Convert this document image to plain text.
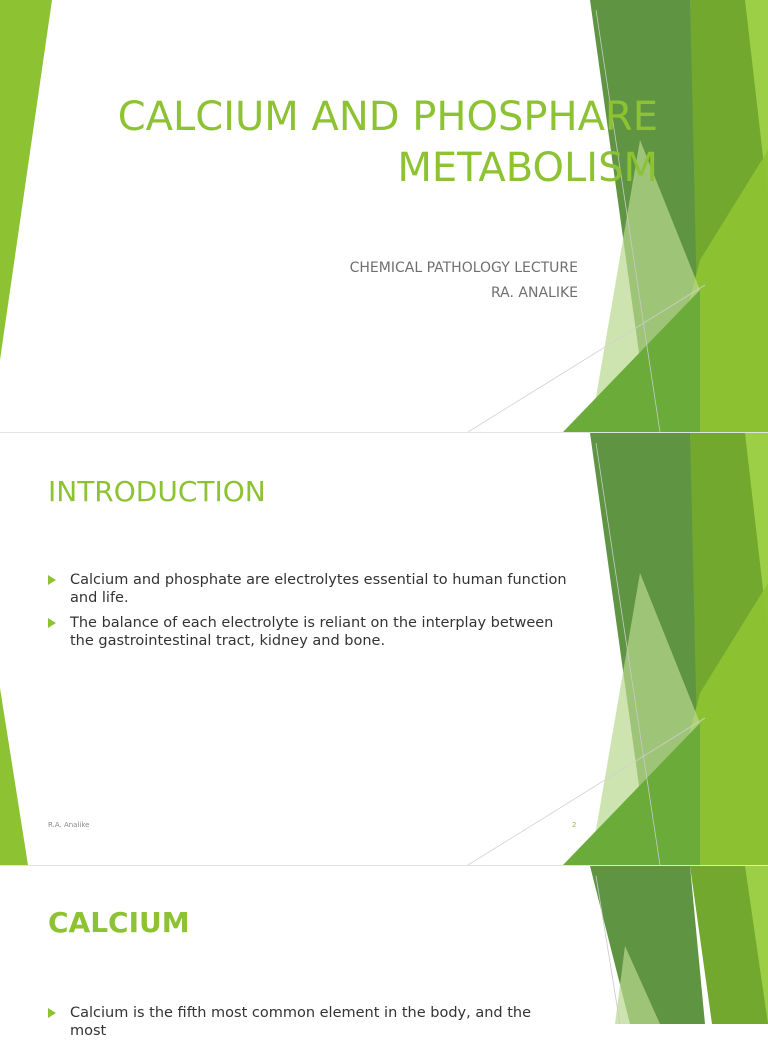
CALCIUM AND PHOSPHARE
METABOLISM
CHEMICAL PATHOLOGY LECTURE
RA. ANALIKE
INTRODUCTION
Calcium and phosphate are electrolytes essential to human function and life.
The balance of each electrolyte is reliant on the interplay between the gastrointestinal tract, kidney and bone.
R.A. Analike	2
CALCIUM
Calcium is the fifth most common element in the body, and the most
